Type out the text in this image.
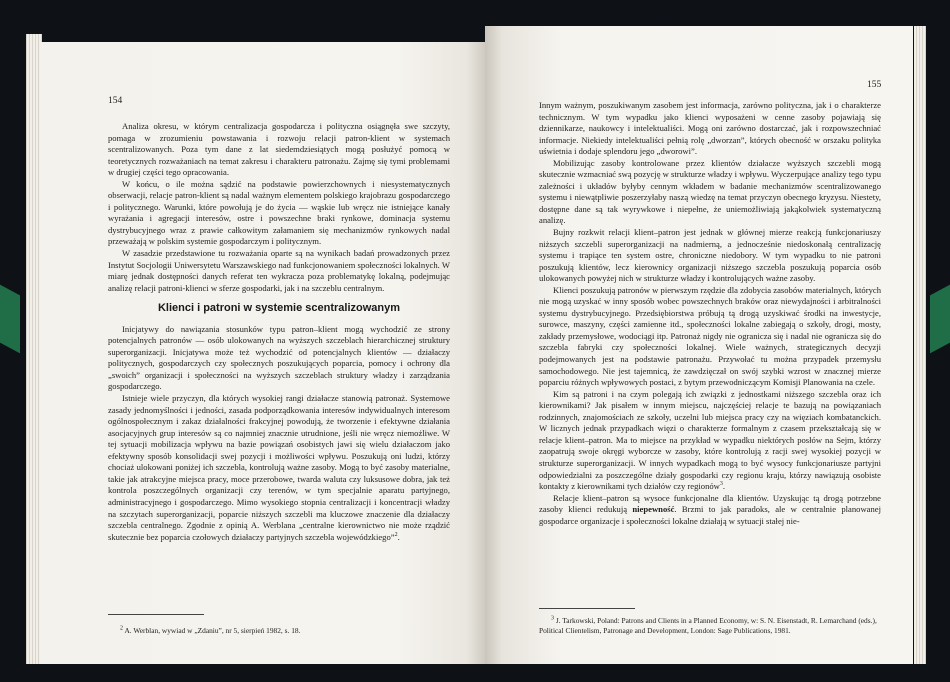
154

Analiza okresu, w którym centralizacja gospodarcza i polityczna osiągnęła swe szczyty, pomaga w zrozumieniu powstawania i rozwoju relacji patron-klient w systemach scentralizowanych. Poza tym dane z lat siedemdziesiątych mogą posłużyć pomocą w teoretycznych rozważaniach na temat zakresu i charakteru patronażu. Zajmę się tymi problemami w drugiej części tego opracowania.

W końcu, o ile można sądzić na podstawie powierzchownych i niesystematycznych obserwacji, relacje patron-klient są nadal ważnym elementem polskiego krajobrazu gospodarczego i politycznego. Warunki, które powołują je do życia — wąskie lub wręcz nie istniejące kanały wyrażania i agregacji interesów, ostre i powszechne braki rynkowe, dominacja systemu dystrybucyjnego wraz z prawie całkowitym załamaniem się mechanizmów rynkowych nadal przeważają w polskim systemie gospodarczym i politycznym.

W zasadzie przedstawione tu rozważania oparte są na wynikach badań prowadzonych przez Instytut Socjologii Uniwersytetu Warszawskiego nad funkcjonowaniem społeczności lokalnych. W miarę jednak dostępności danych referat ten wykracza poza problematykę lokalną, podejmując analizę relacji patroni-klienci w sferze gospodarki, jak i na szczeblu centralnym.

Klienci i patroni w systemie scentralizowanym

Inicjatywy do nawiązania stosunków typu patron–klient mogą wychodzić ze strony potencjalnych patronów — osób ulokowanych na wyższych szczeblach hierarchicznej struktury superorganizacji. Inicjatywa może też wychodzić od potencjalnych klientów — działaczy politycznych, gospodarczych czy społecznych poszukujących poparcia, pomocy i ochrony dla „swoich” organizacji i społeczności na wyższych szczeblach struktury władzy i zarządzania gospodarczego.

Istnieje wiele przyczyn, dla których wysokiej rangi działacze stanowią patronaż. Systemowe zasady jednomyślności i jedności, zasada podporządkowania interesów indywidualnych interesom ogólnospołecznym i zakaz działalności frakcyjnej powodują, że tworzenie i efektywne działania asocjacyjnych grup interesów są co najmniej znacznie utrudnione, jeśli nie wręcz niemożliwe. W tej sytuacji mobilizacja wpływu na bazie powiązań osobistych jawi się wielu działaczom jako efektywny sposób konsolidacji swej pozycji i możliwości wpływu. Poszukują oni ludzi, którzy chociaż ulokowani poniżej ich szczebla, kontrolują ważne zasoby. Mogą to być zasoby materialne, takie jak atrakcyjne miejsca pracy, moce przerobowe, twarda waluta czy luksusowe dobra, jak też kontrola poszczególnych organizacji czy terenów, w tym specjalnie aparatu partyjnego, administracyjnego i gospodarczego. Mimo wysokiego stopnia centralizacji i koncentracji władzy na szczytach superorganizacji, poparcie niższych szczebli ma kluczowe znaczenie dla działaczy szczebla centralnego. Zgodnie z opinią A. Werblana „centralne kierownictwo nie może rządzić skutecznie bez poparcia czołowych działaczy partyjnych szczebla wojewódzkiego”$^2$.

$^2$ A. Werblan, wywiad w „Zdaniu”, nr 5, sierpień 1982, s. 18.
155

Innym ważnym, poszukiwanym zasobem jest informacja, zarówno polityczna, jak i o charakterze technicznym. W tym wypadku jako klienci wyposażeni w cenne zasoby pojawiają się dziennikarze, naukowcy i intelektualiści. Mogą oni zarówno dostarczać, jak i rozpowszechniać informacje. Niekiedy intelektualiści pełnią rolę „dworzan”, których obecność w orszaku polityka uświetnia i dodaje splendoru jego „dworowi”.

Mobilizując zasoby kontrolowane przez klientów działacze wyższych szczebli mogą skutecznie wzmacniać swą pozycję w strukturze władzy i wpływu. Wyczerpujące analizy tego typu zależności i układów byłyby cennym wkładem w badanie mechanizmów scentralizowanego systemu i niewątpliwie poszerzyłaby naszą wiedzę na temat przyczyn obecnego kryzysu. Niestety, dostępne dane są tak wyrywkowe i niepełne, że uniemożliwiają jakąkolwiek systematyczną analizę.

Bujny rozkwit relacji klient–patron jest jednak w głównej mierze reakcją funkcjonariuszy niższych szczebli superorganizacji na nadmierną, a jednocześnie niedoskonałą centralizację systemu i trapiące ten system ostre, chroniczne niedobory. W tym wypadku to nie patroni poszukują klientów, lecz kierownicy organizacji niższego szczebla poszukują poparcia osób ulokowanych powyżej nich w strukturze władzy i kontrolujących ważne zasoby.

Klienci poszukują patronów w pierwszym rzędzie dla zdobycia zasobów materialnych, których nie mogą uzyskać w inny sposób wobec powszechnych braków oraz niewydajności i arbitralności systemu dystrybucyjnego. Przedsiębiorstwa próbują tą drogą uzyskiwać środki na inwestycje, surowce, maszyny, części zamienne itd., społeczności lokalne zabiegają o szkoły, drogi, mosty, zakłady przemysłowe, wodociągi itp. Patronaż nigdy nie ogranicza się i nadal nie ogranicza się do szczebla fabryki czy społeczności lokalnej. Wiele ważnych, strategicznych decyzji podejmowanych jest na podstawie patronażu. Przywołać tu można przypadek przemysłu samochodowego. Nie jest tajemnicą, że zawdzięczał on swój szybki wzrost w znacznej mierze poparciu różnych wpływowych postaci, z bytym przewodniczącym Komisji Planowania na czele.

Kim są patroni i na czym polegają ich związki z jednostkami niższego szczebla oraz ich kierownikami? Jak pisałem w innym miejscu, najczęściej relacje te bazują na powiązaniach rodzinnych, znajomościach ze szkoły, uczelni lub miejsca pracy czy na więziach kombatanckich. W licznych jednak przypadkach więzi o charakterze formalnym z czasem przekształcają się w relacje klient–patron. Ma to miejsce na przykład w wypadku niektórych posłów na Sejm, którzy zaopatrują swoje okręgi wyborcze w zasoby, które kontrolują z racji swej wysokiej pozycji w strukturze superorganizacji. W innych wypadkach mogą to być wysocy funkcjonariusze partyjni odpowiedzialni za poszczególne działy gospodarki czy regionu kraju, którzy nawiązują osobiste kontakty z kierownikami tych działów czy regionów$^3$.

Relacje klient–patron są wysoce funkcjonalne dla klientów. Uzyskując tą drogą potrzebne zasoby klienci redukują niepewność. Brzmi to jak paradoks, ale w centralnie planowanej gospodarce organizacje i społeczności lokalne działają w sytuacji stałej nie-

$^3$ J. Tarkowski, Poland: Patrons and Clients in a Planned Economy, w: S. N. Eisenstadt, R. Lemarchand (eds.), Political Clientelism, Patronage and Development, London: Sage Publications, 1981.
